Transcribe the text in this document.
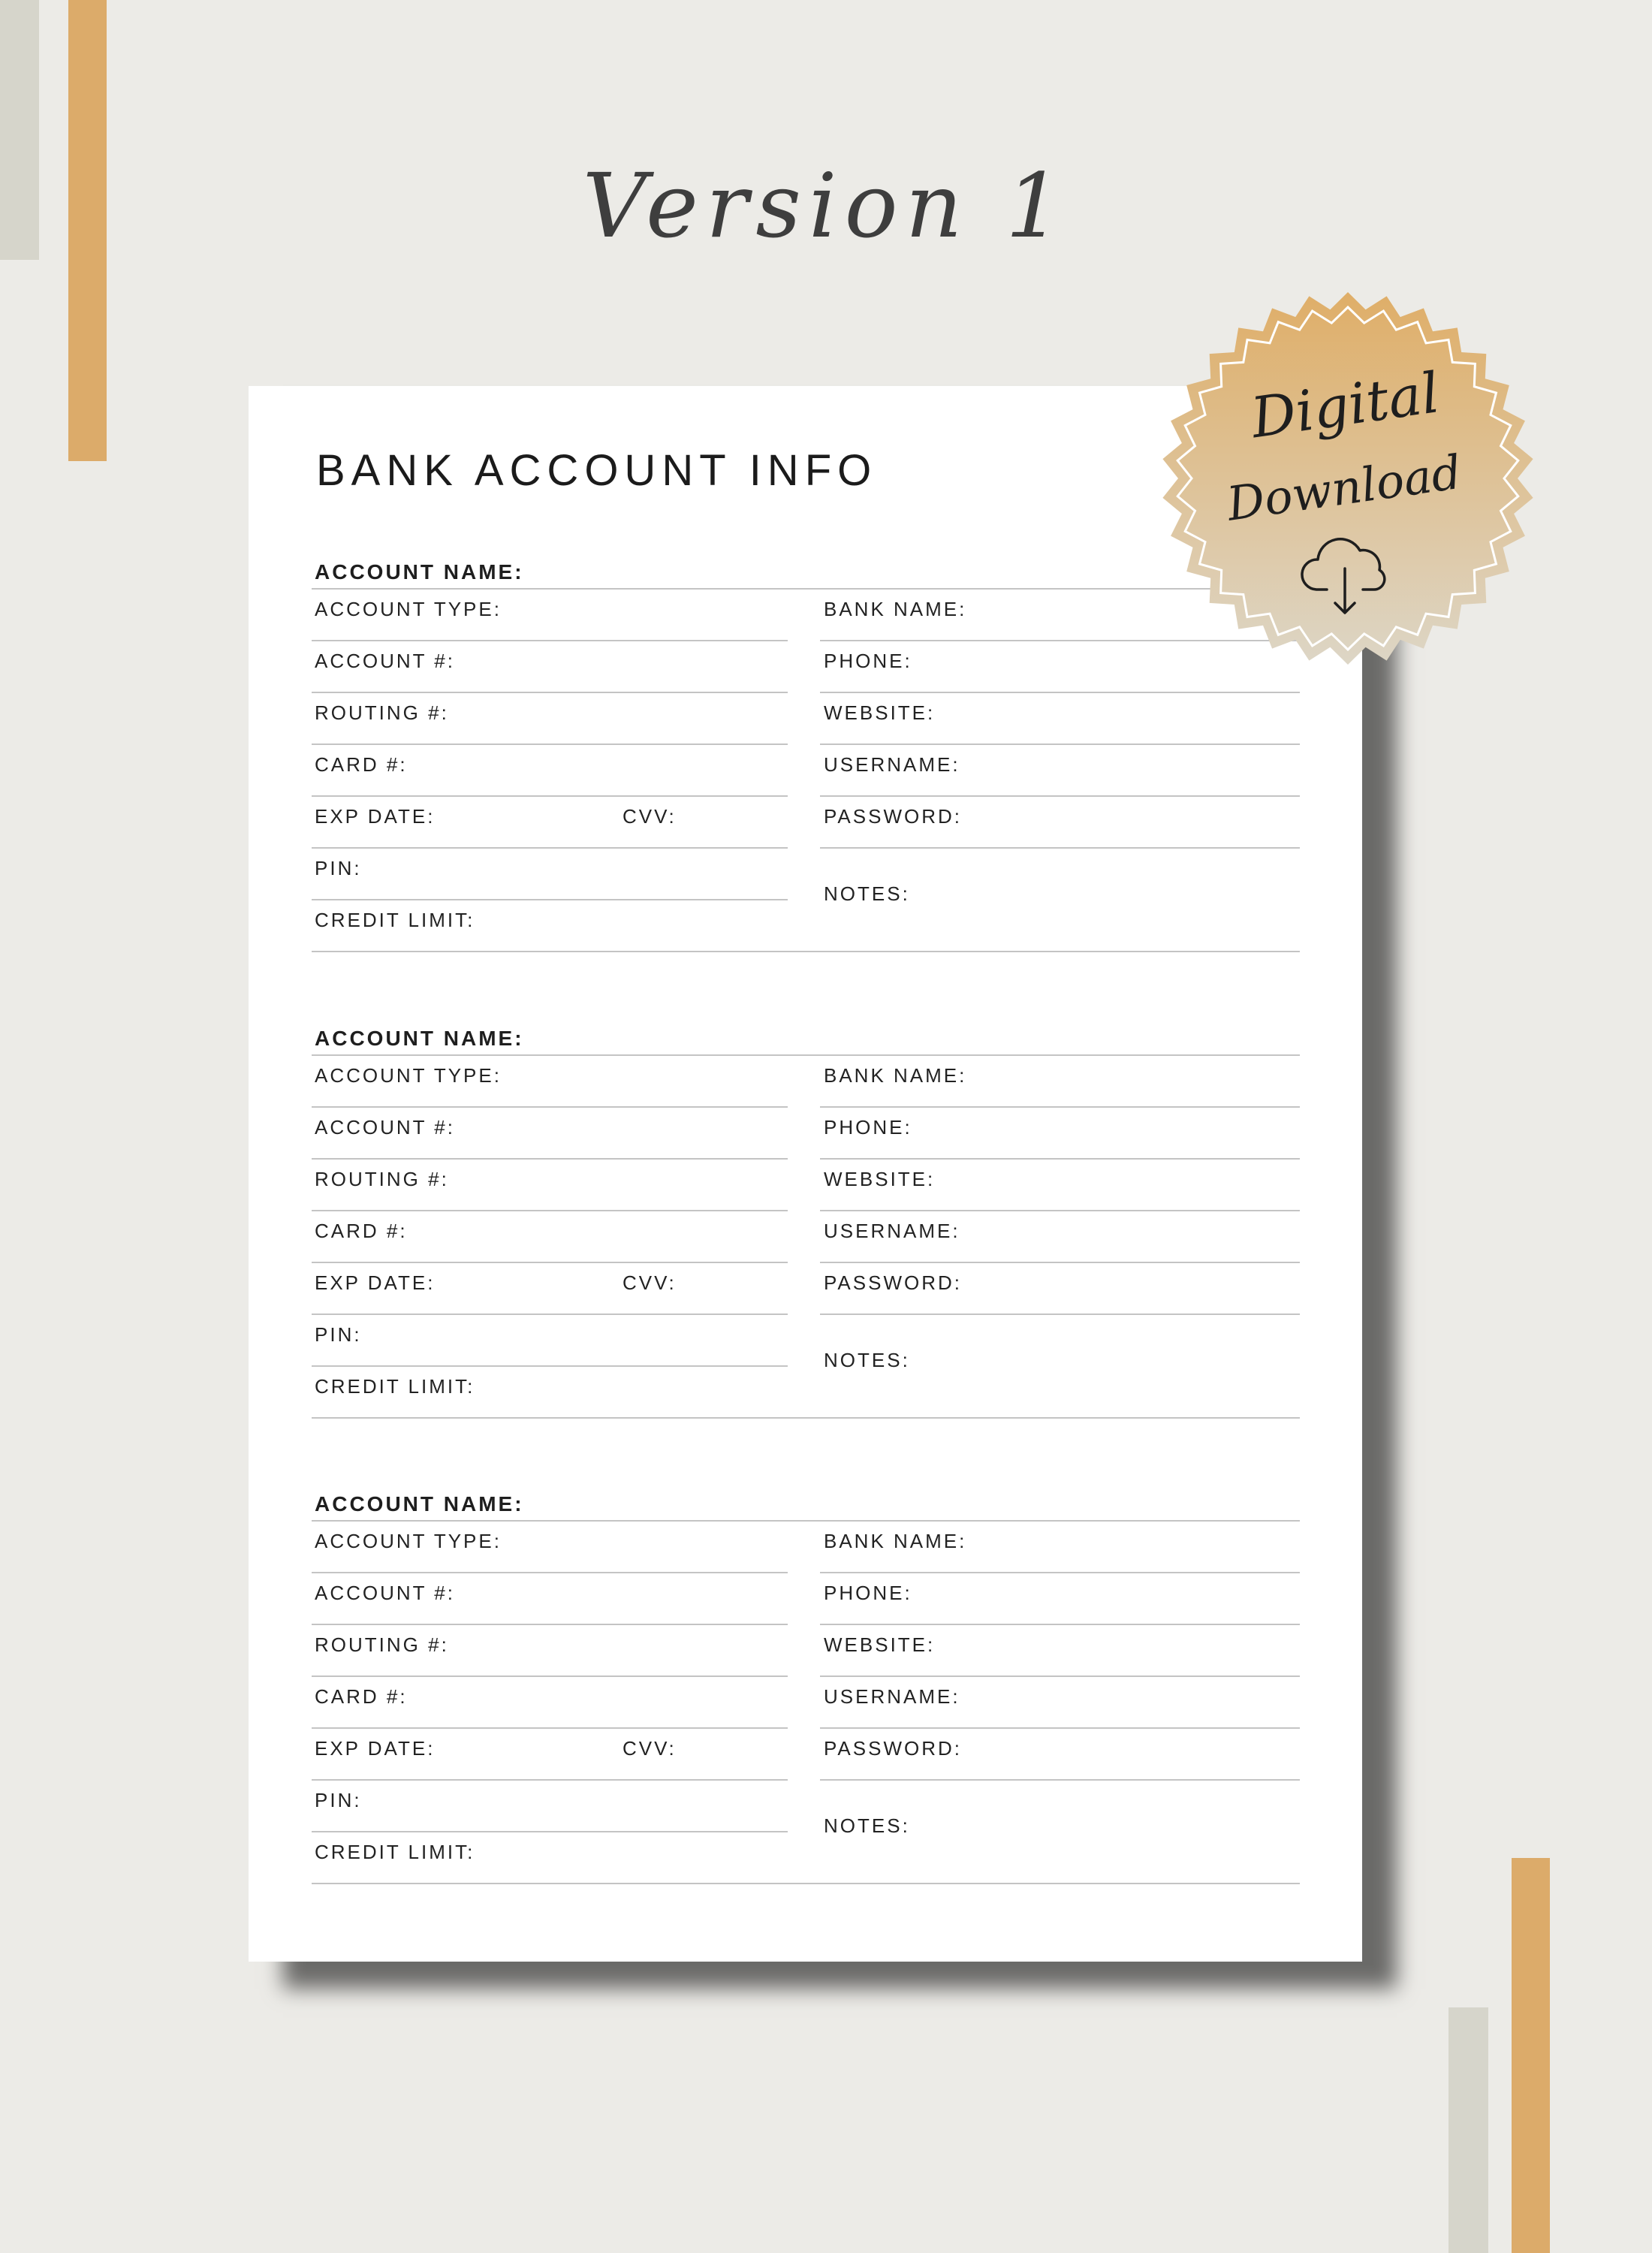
Version 1
BANK ACCOUNT INFO
ACCOUNT NAME:
ACCOUNT TYPE:
ACCOUNT #:
ROUTING #:
CARD #:
EXP DATE:	CVV:
PIN:
CREDIT LIMIT:
BANK NAME:
PHONE:
WEBSITE:
USERNAME:
PASSWORD:
NOTES:
ACCOUNT NAME:
ACCOUNT TYPE:
ACCOUNT #:
ROUTING #:
CARD #:
EXP DATE:	CVV:
PIN:
CREDIT LIMIT:
BANK NAME:
PHONE:
WEBSITE:
USERNAME:
PASSWORD:
NOTES:
ACCOUNT NAME:
ACCOUNT TYPE:
ACCOUNT #:
ROUTING #:
CARD #:
EXP DATE:	CVV:
PIN:
CREDIT LIMIT:
BANK NAME:
PHONE:
WEBSITE:
USERNAME:
PASSWORD:
NOTES:
Digital
Download
